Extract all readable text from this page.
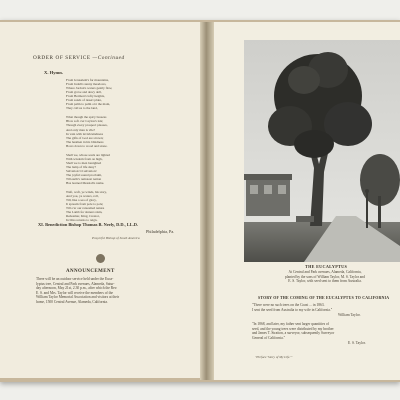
ORDER OF SERVICE —Continued
X. Hymn.
From Jerusalem's far mountains,
From Judah's sunny meadows,
Where Jordan's waters gently flow,
From grove and dewy dell,
From Hermon's lofty heights,
From sands of desert plain,
From palm to palm o'er the main,
They call us to the land,
What though the spicy breezes
Blow soft o'er Ceylon's isle;
Though every prospect pleases,
And only man is vile?
In vain with lavish kindness
The gifts of God are strown;
The heathen in his blindness
Bows down to wood and stone.
Shall we, whose souls are lighted
With wisdom from on high,
Shall we to men benighted
The lamp of life deny?
Salvation! O salvation!
The joyful sound proclaim,
Till earth's remotest nation
Has learned Messiah's name.
Waft, waft, ye winds, his story,
And you, ye waters, roll,
Till, like a sea of glory,
It spreads from pole to pole;
Till o'er our ransomed nature
The Lamb for sinners slain,
Redeemer, King, Creator,
In bliss returns to reign.
XI. Benediction Bishop Thomas B. Neely, D.D., LL.D.
Philadelphia, Pa.
Prayerful Bishop of South America
ANNOUNCEMENT
There will be an outdoor service held under the Euca-
lyptus tree, Central and Park avenues, Alameda, Satur-
day afternoon, May 21st, 2.30 p.m., after which the Rev.
E. S. and Mrs. Taylor will receive the members of the
William Taylor Memorial Association and visitors at their
home, 1500 Central Avenue, Alameda, California.
THE EUCALYPTUS
At Central and Park avenues, Alameda, California,
planted by the sons of William Taylor, M. S. Taylor and
E. S. Taylor, with seed sent to them from Australia.
STORY OF THE COMING OF THE EUCALYPTUS TO CALIFORNIA
"There were no such trees on the Coast ... in 1863.
I sent the seed from Australia to my wife in California."
William Taylor.
"In 1868, and later, my father sent larger quantities of
seed, and the young trees were distributed by my brother
and James T. Stratton, a surveyor, subsequently Surveyor
General of California."
E. S. Taylor.
"Preface 'Story of My Life.'"
